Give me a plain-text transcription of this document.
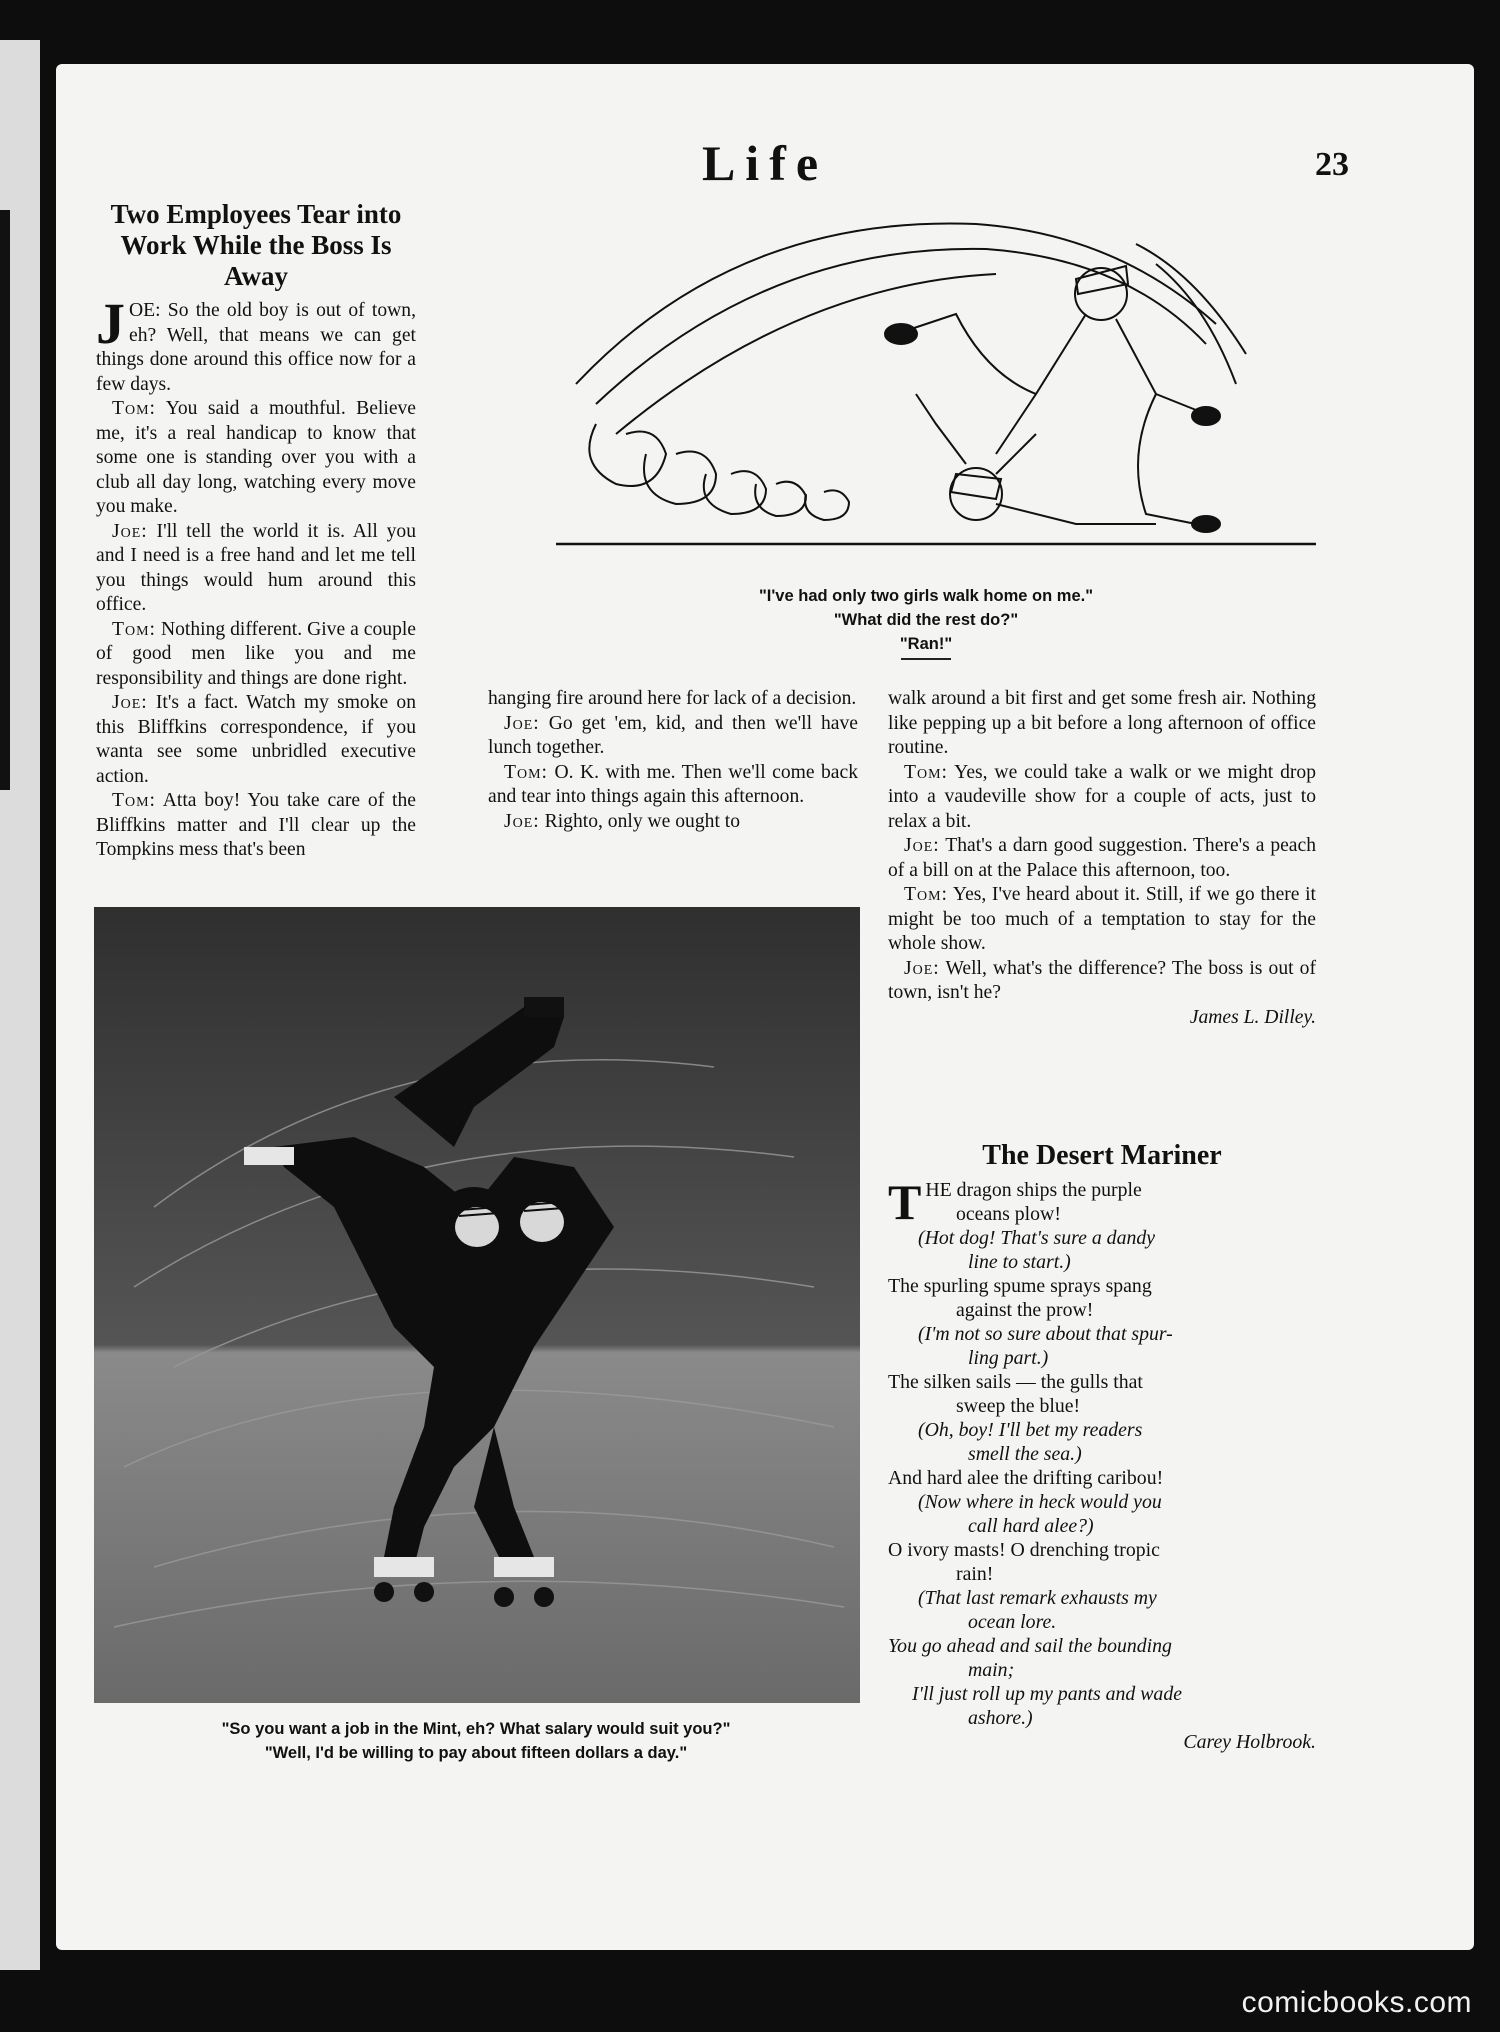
Life	23
Two Employees Tear into Work While the Boss Is Away

JOE: So the old boy is out of town, eh? Well, that means we can get things done around this office now for a few days.

Tom: You said a mouthful. Believe me, it's a real handicap to know that some one is standing over you with a club all day long, watching every move you make.

Joe: I'll tell the world it is. All you and I need is a free hand and let me tell you things would hum around this office.

Tom: Nothing different. Give a couple of good men like you and me responsibility and things are done right.

Joe: It's a fact. Watch my smoke on this Bliffkins correspondence, if you wanta see some unbridled executive action.

Tom: Atta boy! You take care of the Bliffkins matter and I'll clear up the Tompkins mess that's been

hanging fire around here for lack of a decision.

Joe: Go get 'em, kid, and then we'll have lunch together.

Tom: O. K. with me. Then we'll come back and tear into things again this afternoon.

Joe: Righto, only we ought to

walk around a bit first and get some fresh air. Nothing like pepping up a bit before a long afternoon of office routine.

Tom: Yes, we could take a walk or we might drop into a vaudeville show for a couple of acts, just to relax a bit.

Joe: That's a darn good suggestion. There's a peach of a bill on at the Palace this afternoon, too.

Tom: Yes, I've heard about it. Still, if we go there it might be too much of a temptation to stay for the whole show.

Joe: Well, what's the difference? The boss is out of town, isn't he?

James L. Dilley.
"I've had only two girls walk home on me."
"What did the rest do?"
"Ran!"
"So you want a job in the Mint, eh? What salary would suit you?"
"Well, I'd be willing to pay about fifteen dollars a day."
The Desert Mariner
THE dragon ships the purple
oceans plow!
(Hot dog! That's sure a dandy
line to start.)
The spurling spume sprays spang
against the prow!
(I'm not so sure about that spur-
ling part.)
The silken sails — the gulls that
sweep the blue!
(Oh, boy! I'll bet my readers
smell the sea.)
And hard alee the drifting caribou!
(Now where in heck would you
call hard alee?)
O ivory masts! O drenching tropic
rain!
(That last remark exhausts my
ocean lore.
You go ahead and sail the bounding
main;
I'll just roll up my pants and wade
ashore.)
Carey Holbrook.
comicbooks.com
